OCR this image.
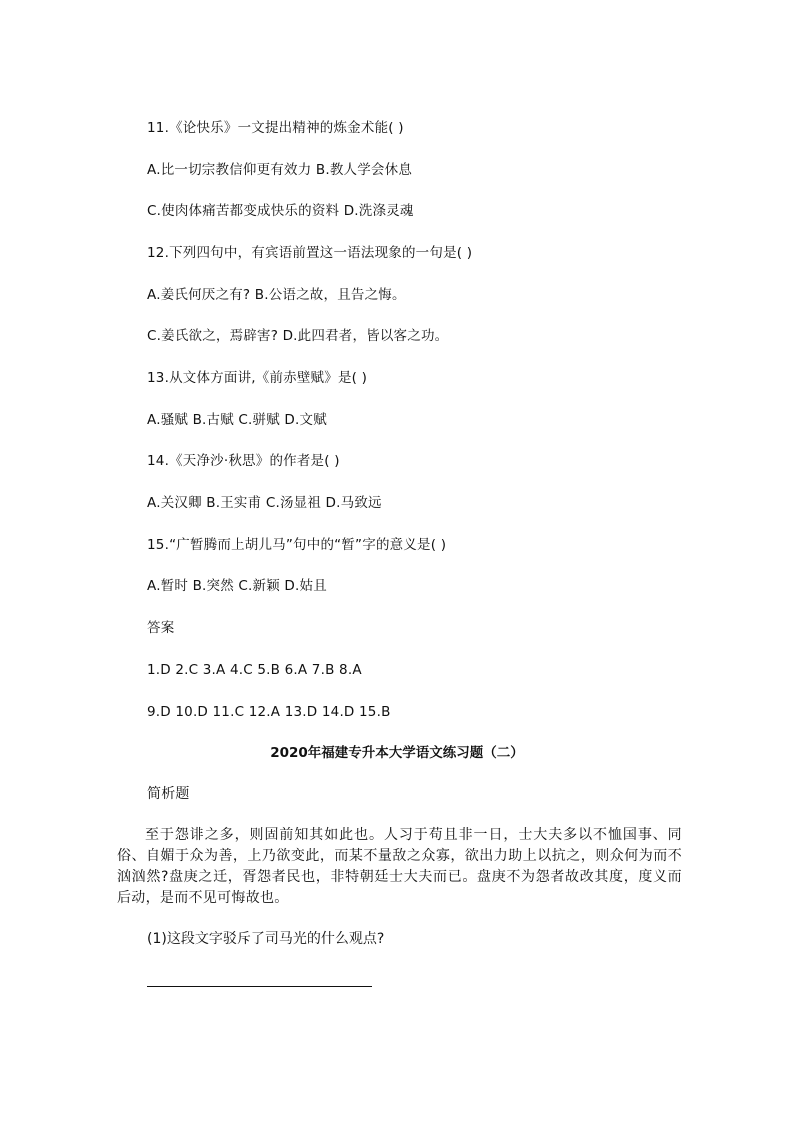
11.《论快乐》一文提出精神的炼金术能( )
A.比一切宗教信仰更有效力 B.教人学会休息
C.使肉体痛苦都变成快乐的资料 D.洗涤灵魂
12.下列四句中，有宾语前置这一语法现象的一句是( )
A.姜氏何厌之有? B.公语之故，且告之悔。
C.姜氏欲之，焉辟害? D.此四君者，皆以客之功。
13.从文体方面讲,《前赤壁赋》是( )
A.骚赋 B.古赋 C.骈赋 D.文赋
14.《天净沙·秋思》的作者是( )
A.关汉卿 B.王实甫 C.汤显祖 D.马致远
15.“广暂腾而上胡儿马”句中的“暂”字的意义是( )
A.暂时 B.突然 C.新颖 D.姑且
答案
1.D 2.C 3.A 4.C 5.B 6.A 7.B 8.A
9.D 10.D 11.C 12.A 13.D 14.D 15.B
2020年福建专升本大学语文练习题（二）
简析题
至于怨诽之多，则固前知其如此也。人习于苟且非一日，士大夫多以不恤国事、同俗、自媚于众为善，上乃欲变此，而某不量敌之众寡，欲出力助上以抗之，则众何为而不汹汹然?盘庚之迁，胥怨者民也，非特朝廷士大夫而已。盘庚不为怨者故改其度，度义而后动，是而不见可悔故也。
(1)这段文字驳斥了司马光的什么观点?
